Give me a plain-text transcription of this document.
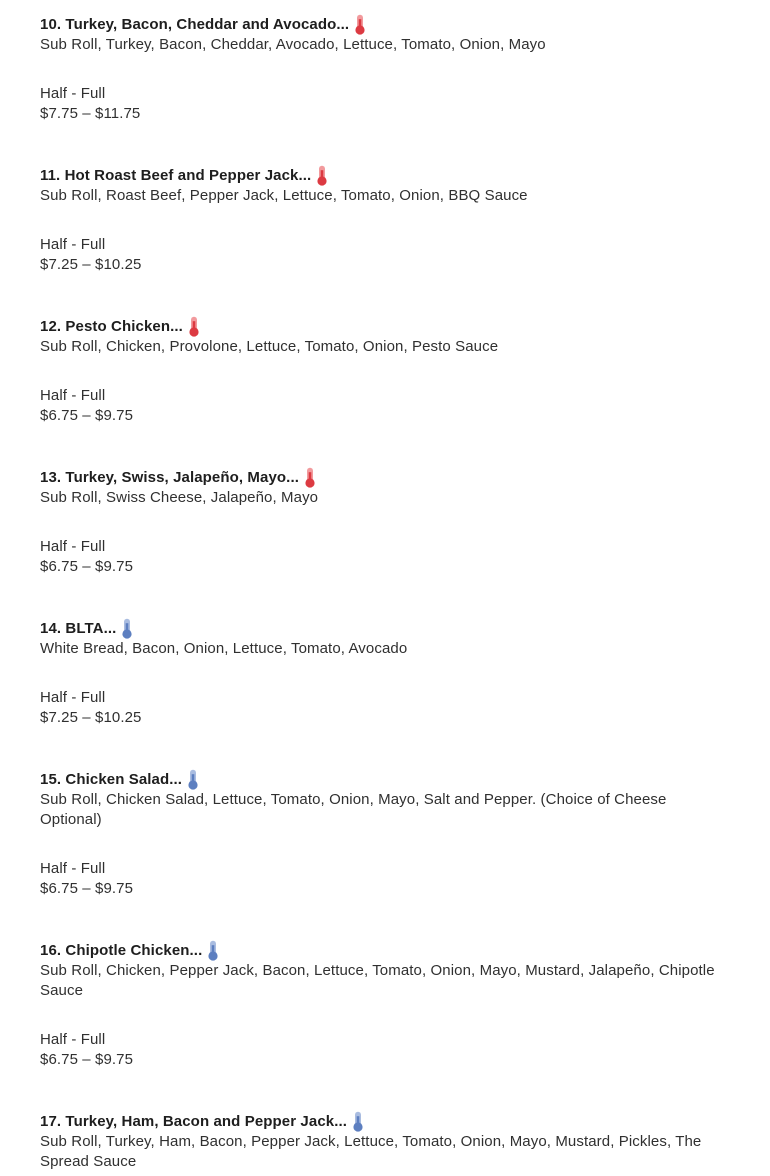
10. Turkey, Bacon, Cheddar and Avocado...

Sub Roll, Turkey, Bacon, Cheddar, Avocado, Lettuce, Tomato, Onion, Mayo

Half - Full
$7.75 – $11.75
11. Hot Roast Beef and Pepper Jack...

Sub Roll, Roast Beef, Pepper Jack, Lettuce, Tomato, Onion, BBQ Sauce

Half - Full
$7.25 – $10.25
12. Pesto Chicken...

Sub Roll, Chicken, Provolone, Lettuce, Tomato, Onion, Pesto Sauce

Half - Full
$6.75 – $9.75
13. Turkey, Swiss, Jalapeño, Mayo...

Sub Roll, Swiss Cheese, Jalapeño, Mayo

Half - Full
$6.75 – $9.75
14. BLTA...

White Bread, Bacon, Onion, Lettuce, Tomato, Avocado

Half - Full
$7.25 – $10.25
15. Chicken Salad...

Sub Roll, Chicken Salad, Lettuce, Tomato, Onion, Mayo, Salt and Pepper. (Choice of Cheese Optional)

Half - Full
$6.75 – $9.75
16. Chipotle Chicken...

Sub Roll, Chicken, Pepper Jack, Bacon, Lettuce, Tomato, Onion, Mayo, Mustard, Jalapeño, Chipotle Sauce

Half - Full
$6.75 – $9.75
17. Turkey, Ham, Bacon and Pepper Jack...

Sub Roll, Turkey, Ham, Bacon, Pepper Jack, Lettuce, Tomato, Onion, Mayo, Mustard, Pickles, The Spread Sauce
